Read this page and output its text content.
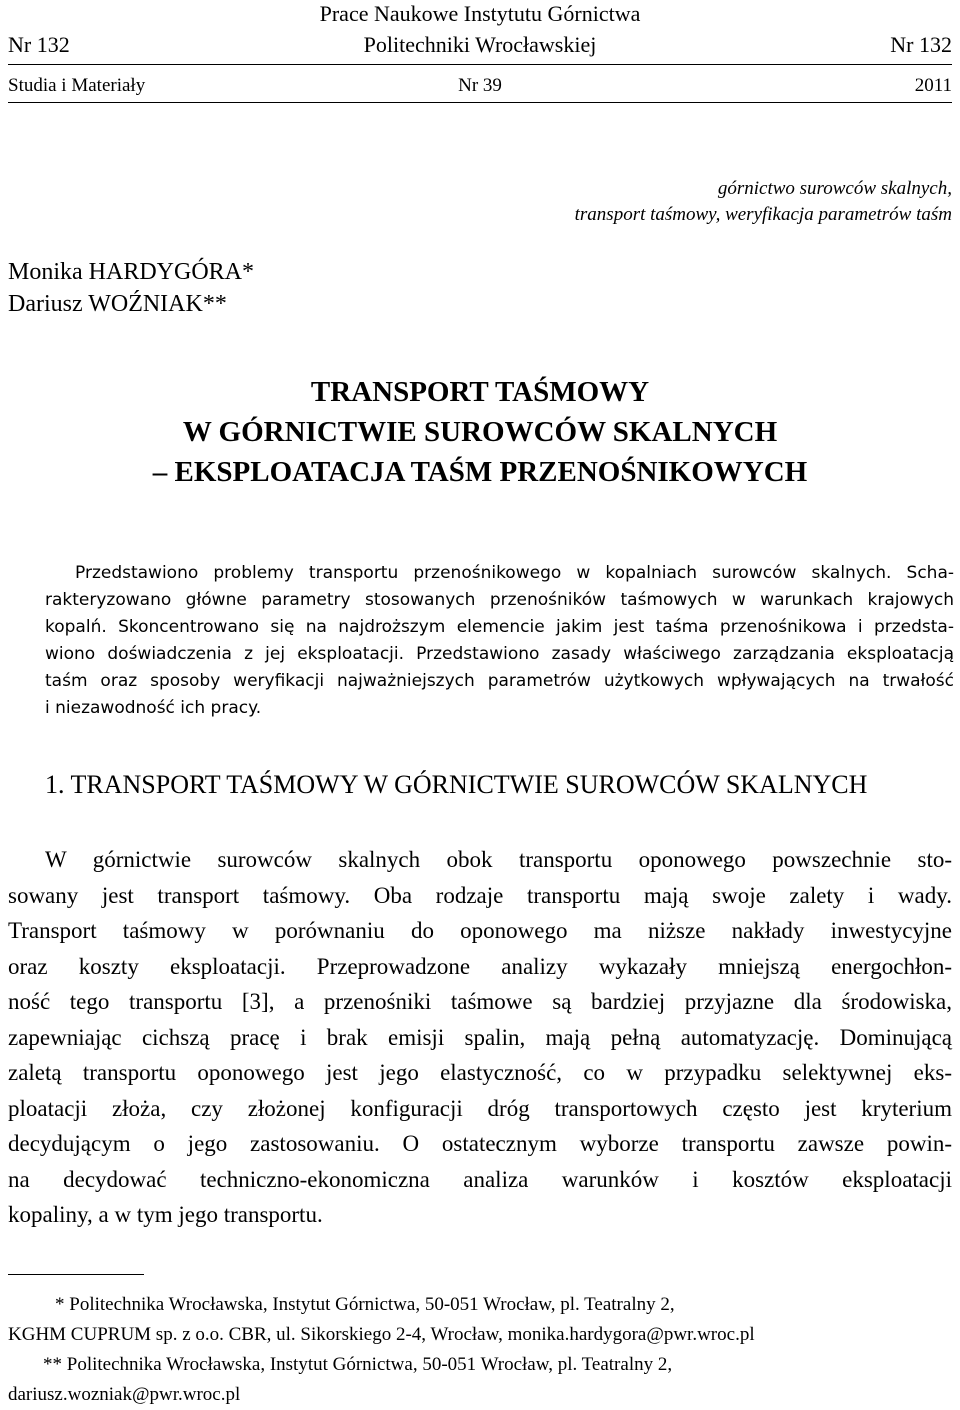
Prace Naukowe Instytutu Górnictwa
Nr 132	Politechniki Wrocławskiej	Nr 132
Studia i Materiały	Nr 39	2011
górnictwo surowców skalnych,
transport taśmowy, weryfikacja parametrów taśm
Monika HARDYGÓRA*
Dariusz WOŹNIAK**
TRANSPORT TAŚMOWY
W GÓRNICTWIE SUROWCÓW SKALNYCH
– EKSPLOATACJA TAŚM PRZENOŚNIKOWYCH
Przedstawiono problemy transportu przenośnikowego w kopalniach surowców skalnych. Scha-
rakteryzowano główne parametry stosowanych przenośników taśmowych w warunkach krajowych
kopalń. Skoncentrowano się na najdroższym elemencie jakim jest taśma przenośnikowa i przedsta-
wiono doświadczenia z jej eksploatacji. Przedstawiono zasady właściwego zarządzania eksploatacją
taśm oraz sposoby weryfikacji najważniejszych parametrów użytkowych wpływających na trwałość
i niezawodność ich pracy.
1. TRANSPORT TAŚMOWY W GÓRNICTWIE SUROWCÓW SKALNYCH
W górnictwie surowców skalnych obok transportu oponowego powszechnie sto-
sowany jest transport taśmowy. Oba rodzaje transportu mają swoje zalety i wady.
Transport taśmowy w porównaniu do oponowego ma niższe nakłady inwestycyjne
oraz koszty eksploatacji. Przeprowadzone analizy wykazały mniejszą energochłon-
ność tego transportu [3], a przenośniki taśmowe są bardziej przyjazne dla środowiska,
zapewniając cichszą pracę i brak emisji spalin, mają pełną automatyzację. Dominującą
zaletą transportu oponowego jest jego elastyczność, co w przypadku selektywnej eks-
ploatacji złoża, czy złożonej konfiguracji dróg transportowych często jest kryterium
decydującym o jego zastosowaniu. O ostatecznym wyborze transportu zawsze powin-
na decydować techniczno-ekonomiczna analiza warunków i kosztów eksploatacji
kopaliny, a w tym jego transportu.
* Politechnika Wrocławska, Instytut Górnictwa, 50-051 Wrocław, pl. Teatralny 2,
KGHM CUPRUM sp. z o.o. CBR, ul. Sikorskiego 2-4, Wrocław, monika.hardygora@pwr.wroc.pl
** Politechnika Wrocławska, Instytut Górnictwa, 50-051 Wrocław, pl. Teatralny 2,
dariusz.wozniak@pwr.wroc.pl
